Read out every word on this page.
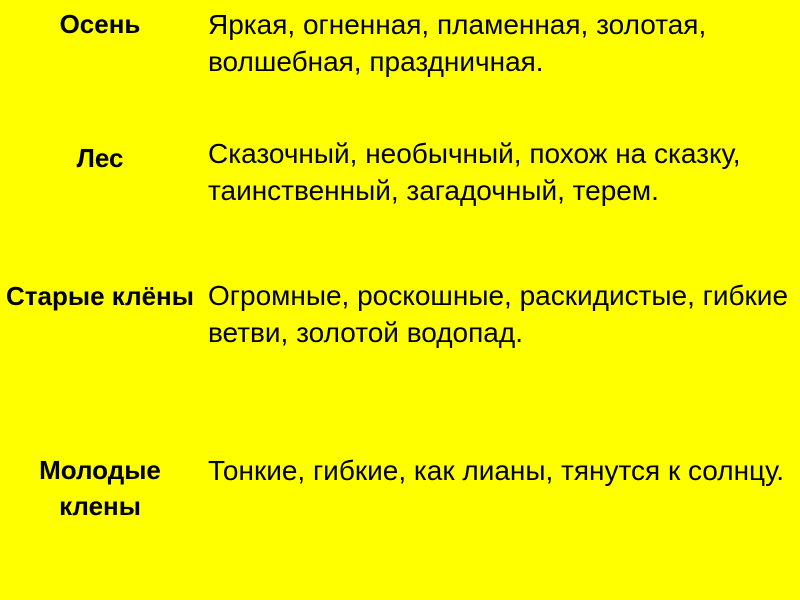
Осень	Яркая, огненная, пламенная, золотая, волшебная, праздничная.
Лес	Сказочный, необычный, похож на сказку, таинственный, загадочный, терем.
Старые клёны Огромные, роскошные, раскидистые, гибкие ветви, золотой водопад.
Молодые клены
Тонкие, гибкие, как лианы, тянутся к солнцу.
